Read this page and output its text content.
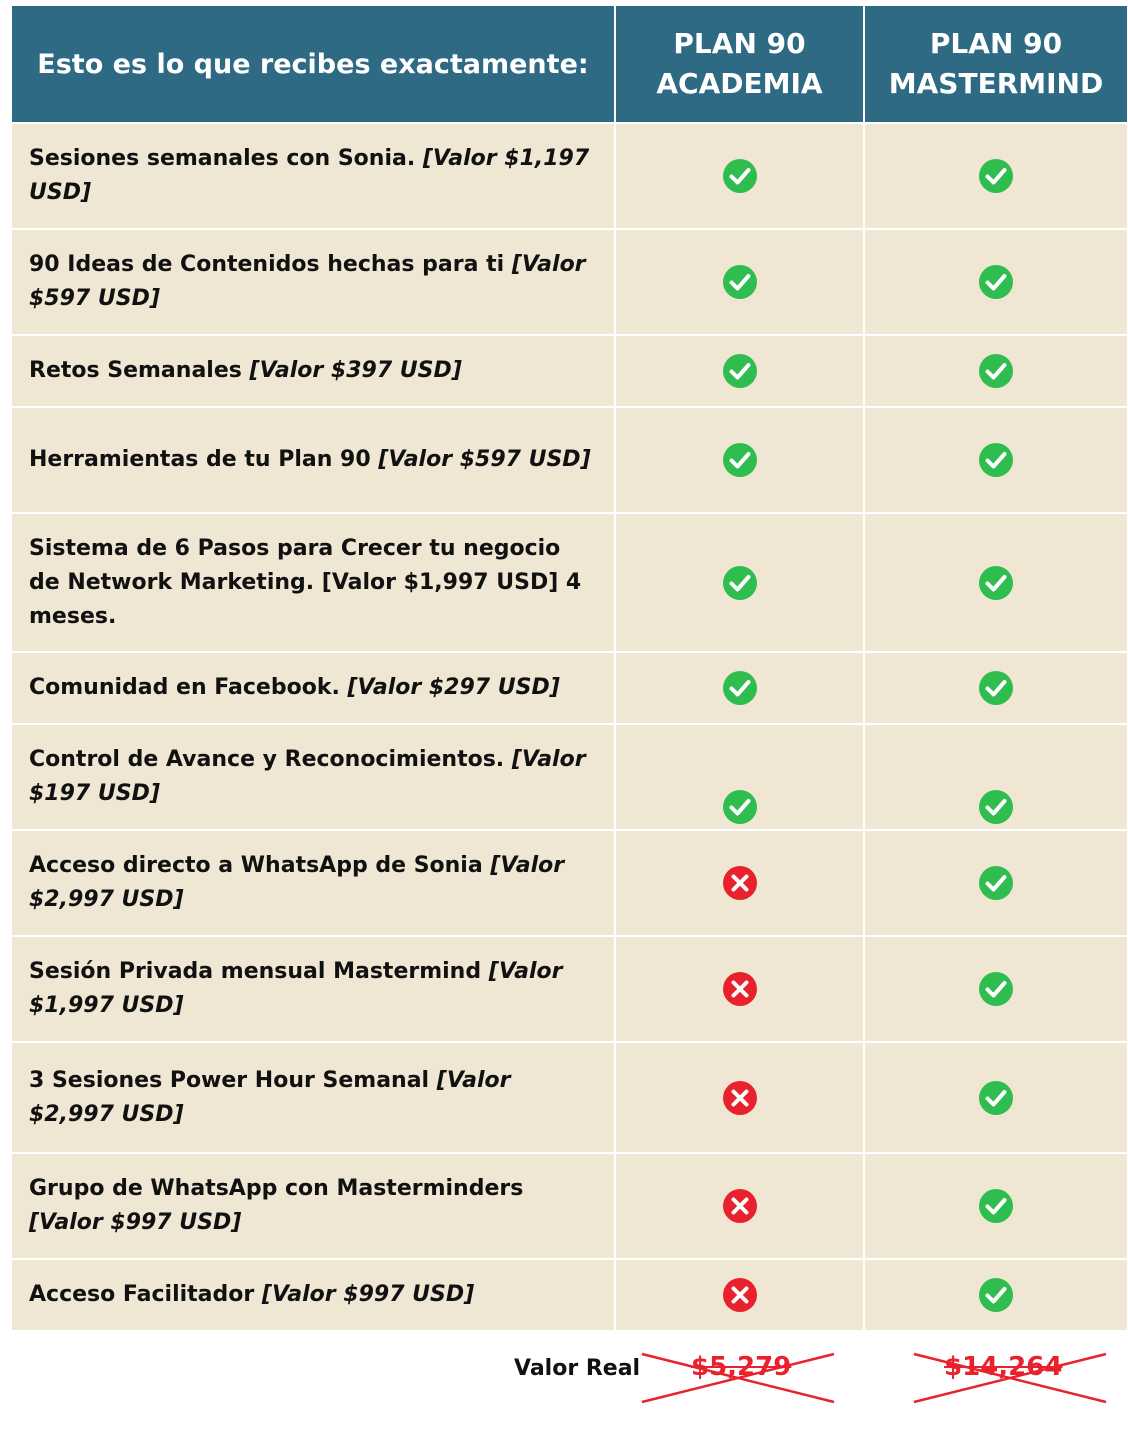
Esto es lo que recibes exactamente:
PLAN 90
ACADEMIA
PLAN 90
MASTERMIND
Sesiones semanales con Sonia. [Valor $1,197 USD]
90 Ideas de Contenidos hechas para ti [Valor $597 USD]
Retos Semanales [Valor $397 USD]
Herramientas de tu Plan 90 [Valor $597 USD]
Sistema de 6 Pasos para Crecer tu negocio de Network Marketing. [Valor $1,997 USD] 4 meses.
Comunidad en Facebook. [Valor $297 USD]
Control de Avance y Reconocimientos. [Valor $197 USD]
Acceso directo a WhatsApp de Sonia [Valor $2,997 USD]
Sesión Privada mensual Mastermind [Valor $1,997 USD]
3 Sesiones Power Hour Semanal [Valor $2,997 USD]
Grupo de WhatsApp con Masterminders [Valor $997 USD]
Acceso Facilitador [Valor $997 USD]
Valor Real $5,279	$14,264
